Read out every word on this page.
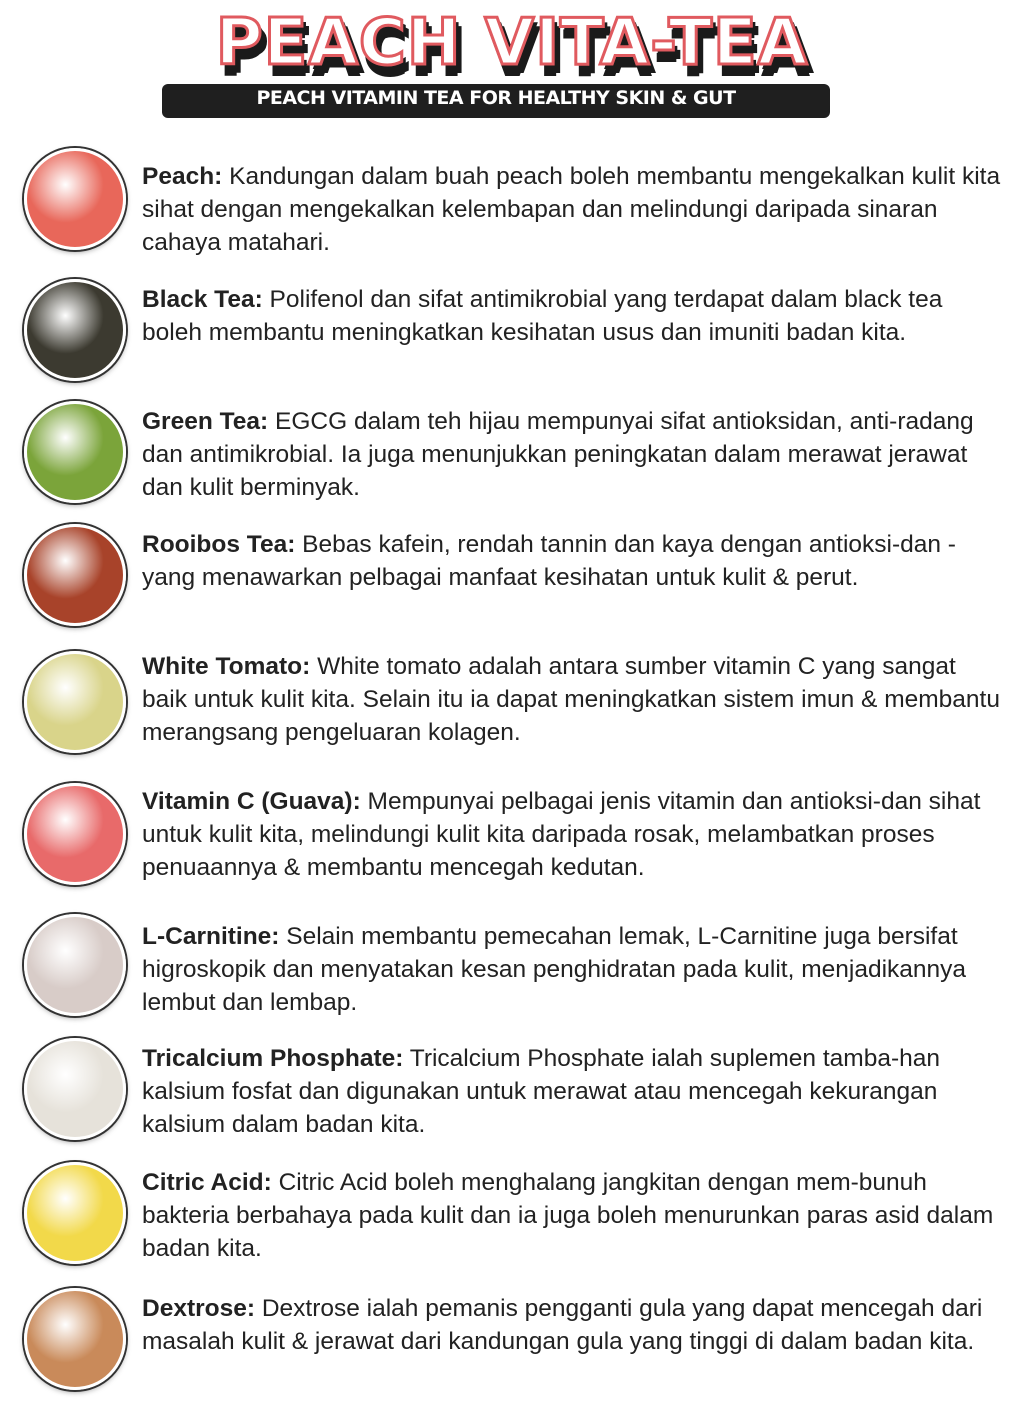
PEACH VITA-TEA
PEACH VITAMIN TEA FOR HEALTHY SKIN & GUT
Peach: Kandungan dalam buah peach boleh membantu mengekalkan kulit kita sihat dengan mengekalkan kelembapan dan melindungi daripada sinaran cahaya matahari.
Black Tea: Polifenol dan sifat antimikrobial yang terdapat dalam black tea boleh membantu meningkatkan kesihatan usus dan imuniti badan kita.
Green Tea: EGCG dalam teh hijau mempunyai sifat antioksidan, anti-radang dan antimikrobial. Ia juga menunjukkan peningkatan dalam merawat jerawat dan kulit berminyak.
Rooibos Tea: Bebas kafein, rendah tannin dan kaya dengan antioksi-dan - yang menawarkan pelbagai manfaat kesihatan untuk kulit & perut.
White Tomato: White tomato adalah antara sumber vitamin C yang sangat baik untuk kulit kita. Selain itu ia dapat meningkatkan sistem imun & membantu merangsang pengeluaran kolagen.
Vitamin C (Guava): Mempunyai pelbagai jenis vitamin dan antioksi-dan sihat untuk kulit kita, melindungi kulit kita daripada rosak, melambatkan proses penuaannya & membantu mencegah kedutan.
L-Carnitine: Selain membantu pemecahan lemak, L-Carnitine juga bersifat higroskopik dan menyatakan kesan penghidratan pada kulit, menjadikannya lembut dan lembap.
Tricalcium Phosphate: Tricalcium Phosphate ialah suplemen tamba-han kalsium fosfat dan digunakan untuk merawat atau mencegah kekurangan kalsium dalam badan kita.
Citric Acid: Citric Acid boleh menghalang jangkitan dengan mem-bunuh bakteria berbahaya pada kulit dan ia juga boleh menurunkan paras asid dalam badan kita.
Dextrose: Dextrose ialah pemanis pengganti gula yang dapat mencegah dari masalah kulit & jerawat dari kandungan gula yang tinggi di dalam badan kita.
